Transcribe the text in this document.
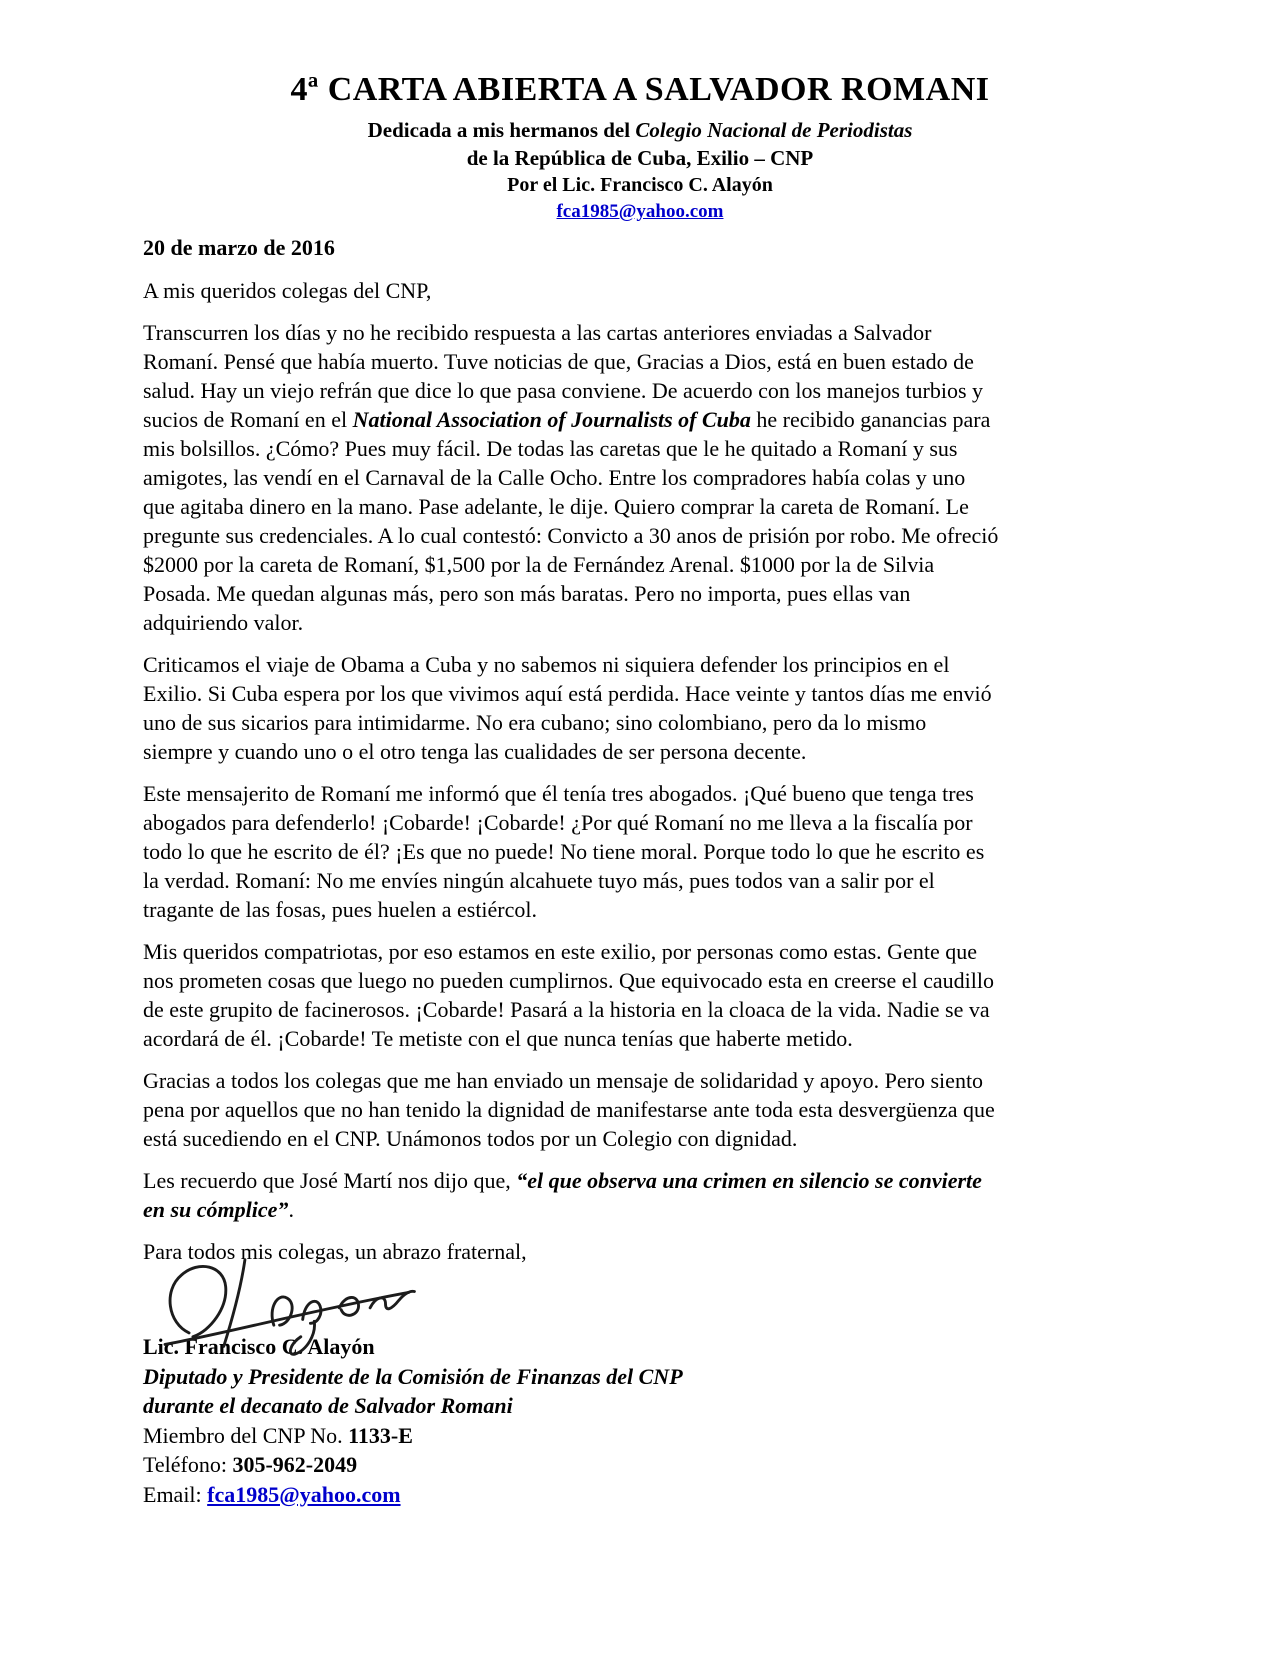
4ª CARTA ABIERTA A SALVADOR ROMANI
Dedicada a mis hermanos del Colegio Nacional de Periodistas
de la República de Cuba, Exilio – CNP
Por el Lic. Francisco C. Alayón
fca1985@yahoo.com
20 de marzo de 2016
A mis queridos colegas del CNP,
Transcurren los días y no he recibido respuesta a las cartas anteriores enviadas a Salvador
Romaní. Pensé que había muerto. Tuve noticias de que, Gracias a Dios, está en buen estado de
salud. Hay un viejo refrán que dice lo que pasa conviene. De acuerdo con los manejos turbios y
sucios de Romaní en el National Association of Journalists of Cuba he recibido ganancias para
mis bolsillos. ¿Cómo? Pues muy fácil. De todas las caretas que le he quitado a Romaní y sus
amigotes, las vendí en el Carnaval de la Calle Ocho. Entre los compradores había colas y uno
que agitaba dinero en la mano. Pase adelante, le dije. Quiero comprar la careta de Romaní. Le
pregunte sus credenciales. A lo cual contestó: Convicto a 30 anos de prisión por robo. Me ofreció
$2000 por la careta de Romaní, $1,500 por la de Fernández Arenal. $1000 por la de Silvia
Posada. Me quedan algunas más, pero son más baratas. Pero no importa, pues ellas van
adquiriendo valor.
Criticamos el viaje de Obama a Cuba y no sabemos ni siquiera defender los principios en el
Exilio. Si Cuba espera por los que vivimos aquí está perdida. Hace veinte y tantos días me envió
uno de sus sicarios para intimidarme. No era cubano; sino colombiano, pero da lo mismo
siempre y cuando uno o el otro tenga las cualidades de ser persona decente.
Este mensajerito de Romaní me informó que él tenía tres abogados. ¡Qué bueno que tenga tres
abogados para defenderlo! ¡Cobarde! ¡Cobarde! ¿Por qué Romaní no me lleva a la fiscalía por
todo lo que he escrito de él? ¡Es que no puede! No tiene moral. Porque todo lo que he escrito es
la verdad. Romaní: No me envíes ningún alcahuete tuyo más, pues todos van a salir por el
tragante de las fosas, pues huelen a estiércol.
Mis queridos compatriotas, por eso estamos en este exilio, por personas como estas. Gente que
nos prometen cosas que luego no pueden cumplirnos. Que equivocado esta en creerse el caudillo
de este grupito de facinerosos. ¡Cobarde! Pasará a la historia en la cloaca de la vida. Nadie se va
acordará de él. ¡Cobarde! Te metiste con el que nunca tenías que haberte metido.
Gracias a todos los colegas que me han enviado un mensaje de solidaridad y apoyo. Pero siento
pena por aquellos que no han tenido la dignidad de manifestarse ante toda esta desvergüenza que
está sucediendo en el CNP. Unámonos todos por un Colegio con dignidad.
Les recuerdo que José Martí nos dijo que, “el que observa una crimen en silencio se convierte
en su cómplice”.
Para todos mis colegas, un abrazo fraternal,
Lic. Francisco C. Alayón
Diputado y Presidente de la Comisión de Finanzas del CNP
durante el decanato de Salvador Romani
Miembro del CNP No. 1133-E
Teléfono: 305-962-2049
Email: fca1985@yahoo.com
